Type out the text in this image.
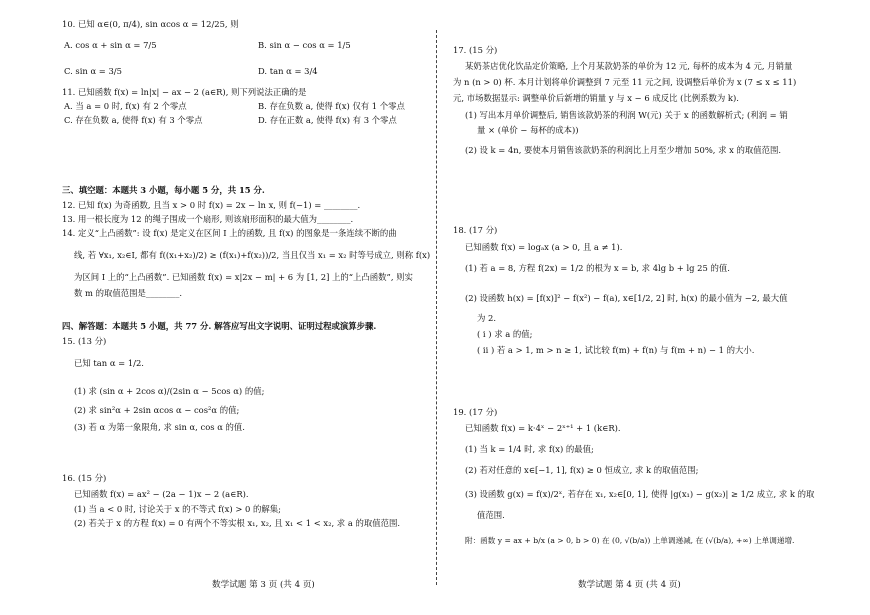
10. 已知 α∈(0, π/4), sin αcos α = 12/25, 则
A. cos α + sin α = 7/5	B. sin α − cos α = 1/5
C. sin α = 3/5	D. tan α = 3/4
11. 已知函数 f(x) = ln|x| − ax − 2 (a∈R), 则下列说法正确的是
A. 当 a = 0 时, f(x) 有 2 个零点	B. 存在负数 a, 使得 f(x) 仅有 1 个零点
C. 存在负数 a, 使得 f(x) 有 3 个零点	D. 存在正数 a, 使得 f(x) 有 3 个零点
三、填空题：本题共 3 小题，每小题 5 分，共 15 分.
12. 已知 f(x) 为奇函数, 且当 x > 0 时 f(x) = 2x − ln x, 则 f(−1) = ________.
13. 用一根长度为 12 的绳子围成一个扇形, 则该扇形面积的最大值为________.
14. 定义“上凸函数”: 设 f(x) 是定义在区间 I 上的函数, 且 f(x) 的图象是一条连续不断的曲
线, 若 ∀x₁, x₂∈I, 都有 f((x₁+x₂)/2) ≥ (f(x₁)+f(x₂))/2, 当且仅当 x₁ = x₂ 时等号成立, 则称 f(x)
为区间 I 上的“上凸函数”. 已知函数 f(x) = x|2x − m| + 6 为 [1, 2] 上的“上凸函数”, 则实
数 m 的取值范围是________.
四、解答题：本题共 5 小题，共 77 分. 解答应写出文字说明、证明过程或演算步骤.
15. (13 分)
已知 tan α = 1/2.
(1) 求 (sin α + 2cos α)/(2sin α − 5cos α) 的值;
(2) 求 sin²α + 2sin αcos α − cos²α 的值;
(3) 若 α 为第一象限角, 求 sin α, cos α 的值.
16. (15 分)
已知函数 f(x) = ax² − (2a − 1)x − 2 (a∈R).
(1) 当 a < 0 时, 讨论关于 x 的不等式 f(x) > 0 的解集;
(2) 若关于 x 的方程 f(x) = 0 有两个不等实根 x₁, x₂, 且 x₁ < 1 < x₂, 求 a 的取值范围.
17. (15 分)
某奶茶店优化饮品定价策略, 上个月某款奶茶的单价为 12 元, 每杯的成本为 4 元, 月销量
为 n (n > 0) 杯. 本月计划将单价调整到 7 元至 11 元之间, 设调整后单价为 x (7 ≤ x ≤ 11)
元, 市场数据显示: 调整单价后新增的销量 y 与 x − 6 成反比 (比例系数为 k).
(1) 写出本月单价调整后, 销售该款奶茶的利润 W(元) 关于 x 的函数解析式; (利润 = 销
量 × (单价 − 每杯的成本))
(2) 设 k = 4n, 要使本月销售该款奶茶的利润比上月至少增加 50%, 求 x 的取值范围.
18. (17 分)
已知函数 f(x) = logₐx (a > 0, 且 a ≠ 1).
(1) 若 a = 8, 方程 f(2x) = 1/2 的根为 x = b, 求 4lg b + lg 25 的值.
(2) 设函数 h(x) = [f(x)]² − f(x²) − f(a), x∈[1/2, 2] 时, h(x) 的最小值为 −2, 最大值
为 2.
( i ) 求 a 的值;
( ii ) 若 a > 1, m > n ≥ 1, 试比较 f(m) + f(n) 与 f(m + n) − 1 的大小.
19. (17 分)
已知函数 f(x) = k·4ˣ − 2ˣ⁺¹ + 1 (k∈R).
(1) 当 k = 1/4 时, 求 f(x) 的最值;
(2) 若对任意的 x∈[−1, 1], f(x) ≥ 0 恒成立, 求 k 的取值范围;
(3) 设函数 g(x) = f(x)/2ˣ, 若存在 x₁, x₂∈[0, 1], 使得 |g(x₁) − g(x₂)| ≥ 1/2 成立, 求 k 的取
值范围.
附：函数 y = ax + b/x (a > 0, b > 0) 在 (0, √(b/a)) 上单调递减, 在 (√(b/a), +∞) 上单调递增.
数学试题 第 3 页 (共 4 页)	数学试题 第 4 页 (共 4 页)
